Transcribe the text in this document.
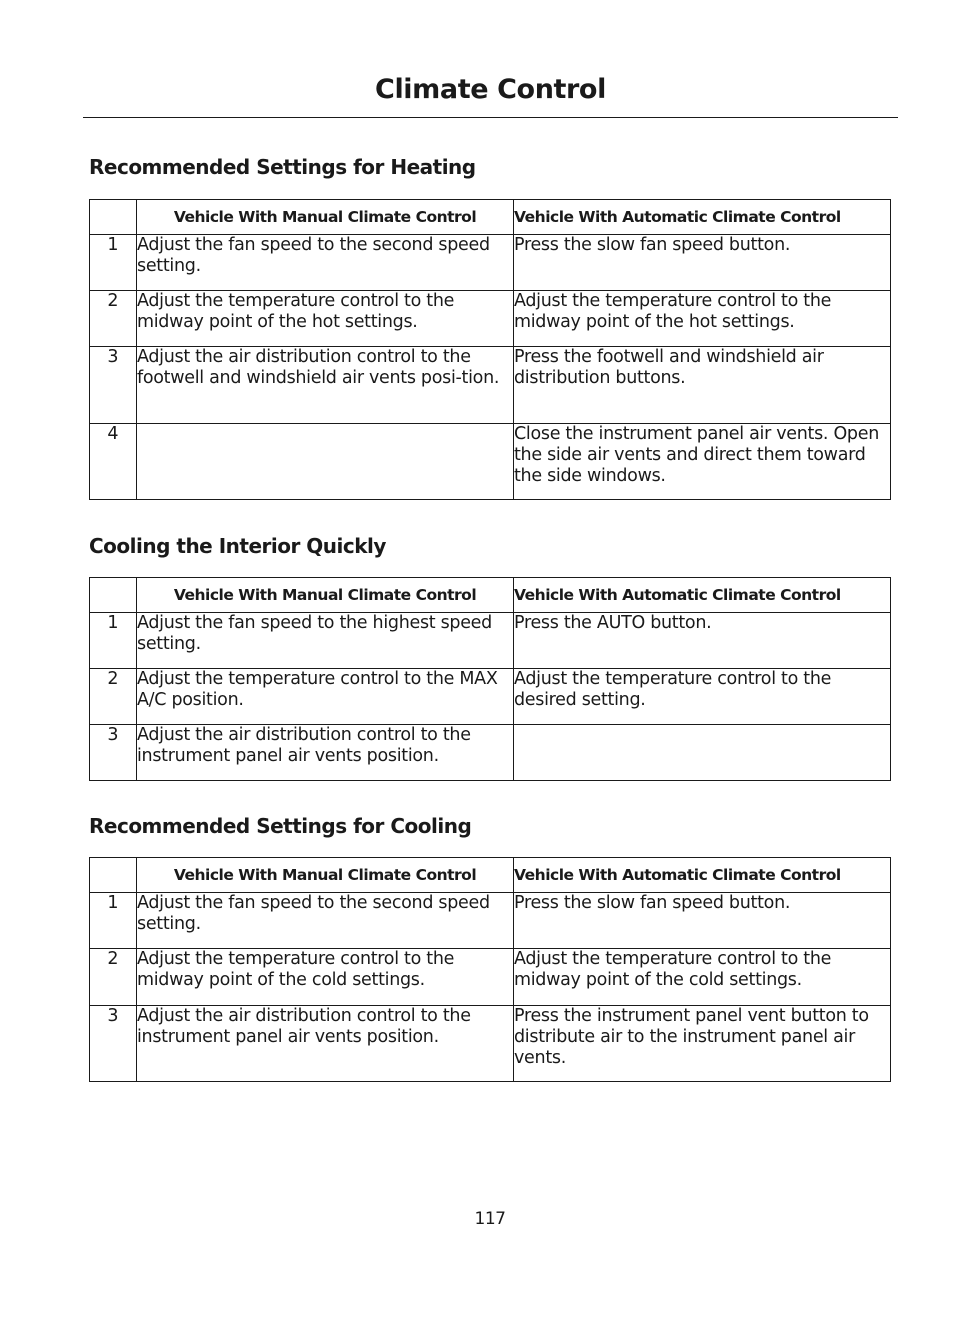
Climate Control
Recommended Settings for Heating
	Vehicle With Manual Climate Control	Vehicle With Automatic Climate Control
1	Adjust the fan speed to the second speed setting.	Press the slow fan speed button.
2	Adjust the temperature control to the midway point of the hot settings.	Adjust the temperature control to the midway point of the hot settings.
3	Adjust the air distribution control to the footwell and windshield air vents posi-tion.	Press the footwell and windshield air distribution buttons.
4		Close the instrument panel air vents. Open the side air vents and direct them toward the side windows.
Cooling the Interior Quickly
	Vehicle With Manual Climate Control	Vehicle With Automatic Climate Control
1	Adjust the fan speed to the highest speed setting.	Press the AUTO button.
2	Adjust the temperature control to the MAX A/C position.	Adjust the temperature control to the desired setting.
3	Adjust the air distribution control to the instrument panel air vents position.	
Recommended Settings for Cooling
	Vehicle With Manual Climate Control	Vehicle With Automatic Climate Control
1	Adjust the fan speed to the second speed setting.	Press the slow fan speed button.
2	Adjust the temperature control to the midway point of the cold settings.	Adjust the temperature control to the midway point of the cold settings.
3	Adjust the air distribution control to the instrument panel air vents position.	Press the instrument panel vent button to distribute air to the instrument panel air vents.
117
